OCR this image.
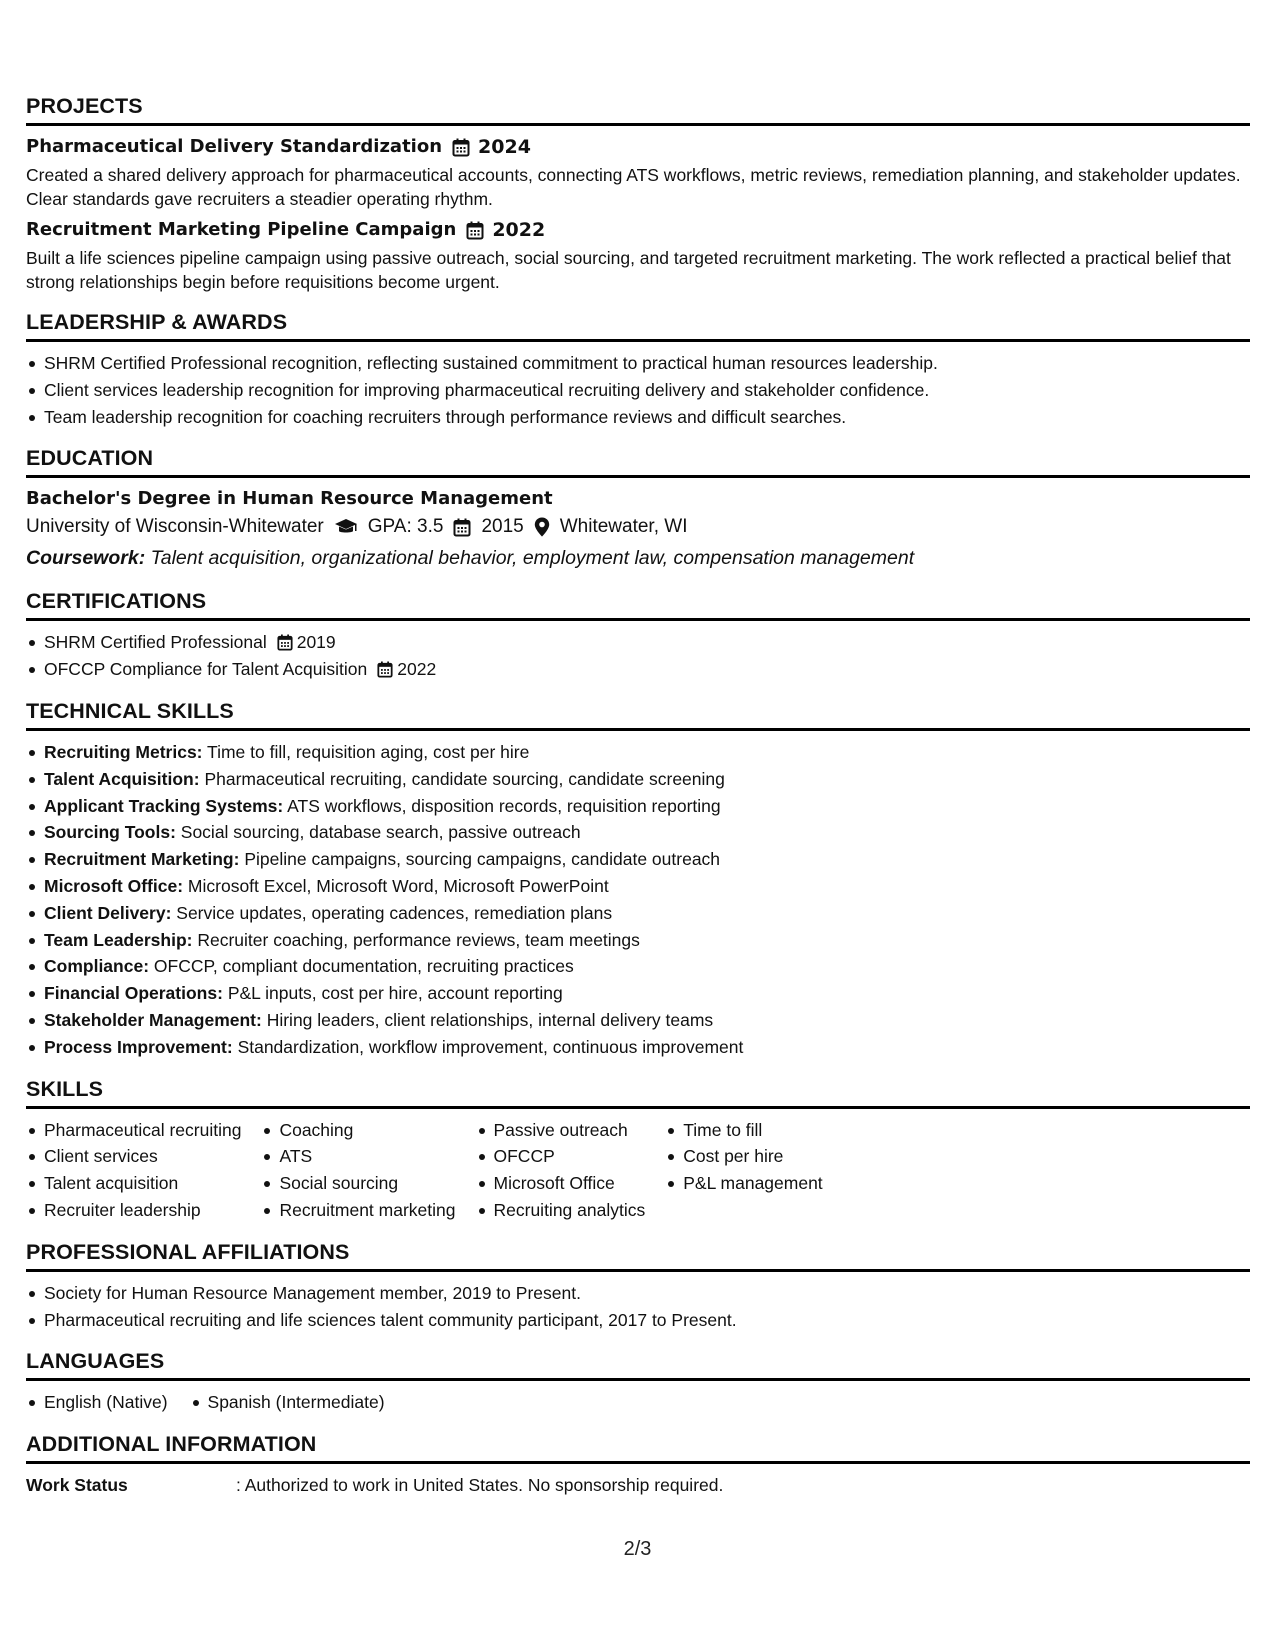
PROJECTS
Pharmaceutical Delivery Standardization 2024
Created a shared delivery approach for pharmaceutical accounts, connecting ATS workflows, metric reviews, remediation planning, and stakeholder updates. Clear standards gave recruiters a steadier operating rhythm.
Recruitment Marketing Pipeline Campaign 2022
Built a life sciences pipeline campaign using passive outreach, social sourcing, and targeted recruitment marketing. The work reflected a practical belief that strong relationships begin before requisitions become urgent.
LEADERSHIP & AWARDS
SHRM Certified Professional recognition, reflecting sustained commitment to practical human resources leadership.
Client services leadership recognition for improving pharmaceutical recruiting delivery and stakeholder confidence.
Team leadership recognition for coaching recruiters through performance reviews and difficult searches.
EDUCATION
Bachelor's Degree in Human Resource Management
University of Wisconsin-Whitewater GPA: 3.5 2015 Whitewater, WI
Coursework: Talent acquisition, organizational behavior, employment law, compensation management
CERTIFICATIONS
SHRM Certified Professional 2019
OFCCP Compliance for Talent Acquisition 2022
TECHNICAL SKILLS
Recruiting Metrics: Time to fill, requisition aging, cost per hire
Talent Acquisition: Pharmaceutical recruiting, candidate sourcing, candidate screening
Applicant Tracking Systems: ATS workflows, disposition records, requisition reporting
Sourcing Tools: Social sourcing, database search, passive outreach
Recruitment Marketing: Pipeline campaigns, sourcing campaigns, candidate outreach
Microsoft Office: Microsoft Excel, Microsoft Word, Microsoft PowerPoint
Client Delivery: Service updates, operating cadences, remediation plans
Team Leadership: Recruiter coaching, performance reviews, team meetings
Compliance: OFCCP, compliant documentation, recruiting practices
Financial Operations: P&L inputs, cost per hire, account reporting
Stakeholder Management: Hiring leaders, client relationships, internal delivery teams
Process Improvement: Standardization, workflow improvement, continuous improvement
SKILLS
Pharmaceutical recruiting
Client services
Talent acquisition
Recruiter leadership
Coaching
ATS
Social sourcing
Recruitment marketing
Passive outreach
OFCCP
Microsoft Office
Recruiting analytics
Time to fill
Cost per hire
P&L management
PROFESSIONAL AFFILIATIONS
Society for Human Resource Management member, 2019 to Present.
Pharmaceutical recruiting and life sciences talent community participant, 2017 to Present.
LANGUAGES
English (Native) Spanish (Intermediate)
ADDITIONAL INFORMATION
Work Status	: Authorized to work in United States. No sponsorship required.
2/3
